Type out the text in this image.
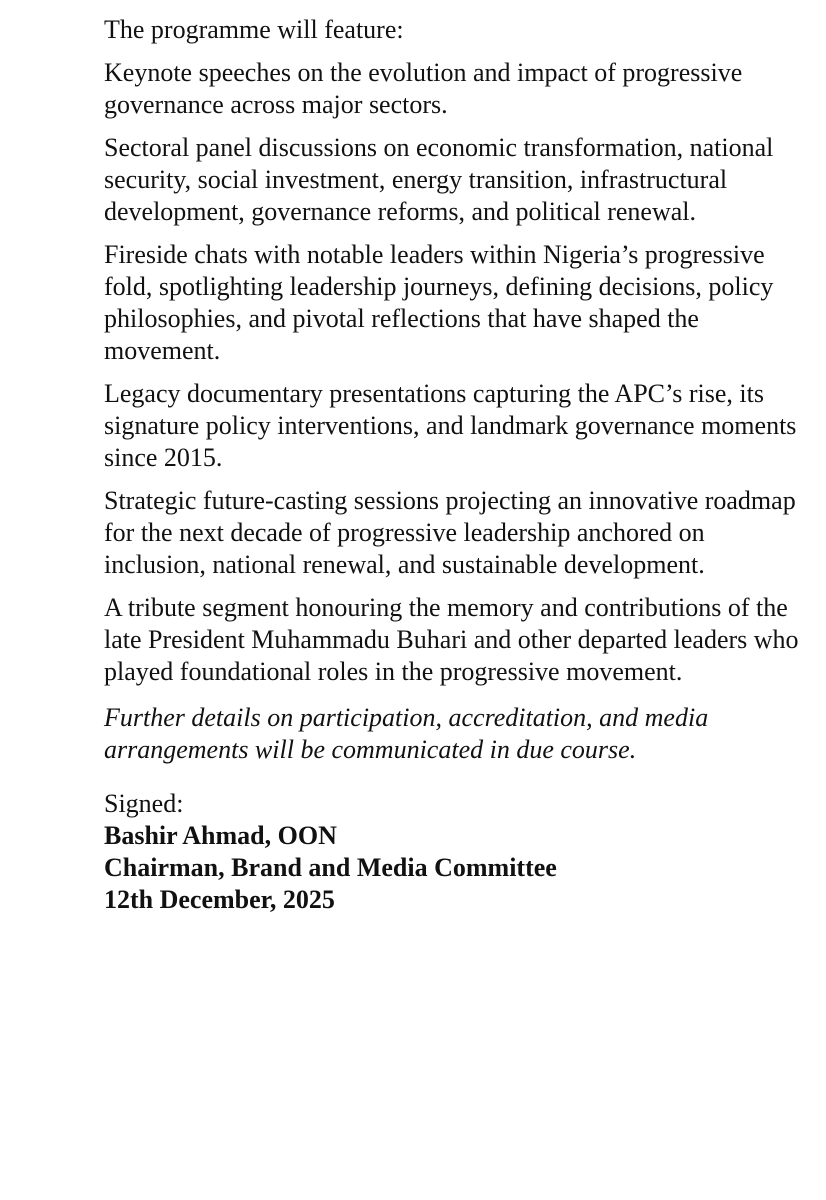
The programme will feature:

Keynote speeches on the evolution and impact of progressive governance across major sectors.

Sectoral panel discussions on economic transformation, national security, social investment, energy transition, infrastructural development, governance reforms, and political renewal.

Fireside chats with notable leaders within Nigeria’s progressive fold, spotlighting leadership journeys, defining decisions, policy philosophies, and pivotal reflections that have shaped the movement.

Legacy documentary presentations capturing the APC’s rise, its signature policy interventions, and landmark governance moments since 2015.

Strategic future-casting sessions projecting an innovative roadmap for the next decade of progressive leadership anchored on inclusion, national renewal, and sustainable development.

A tribute segment honouring the memory and contributions of the late President Muhammadu Buhari and other departed leaders who played foundational roles in the progressive movement.

Further details on participation, accreditation, and media arrangements will be communicated in due course.

Signed:
Bashir Ahmad, OON
Chairman, Brand and Media Committee
12th December, 2025
